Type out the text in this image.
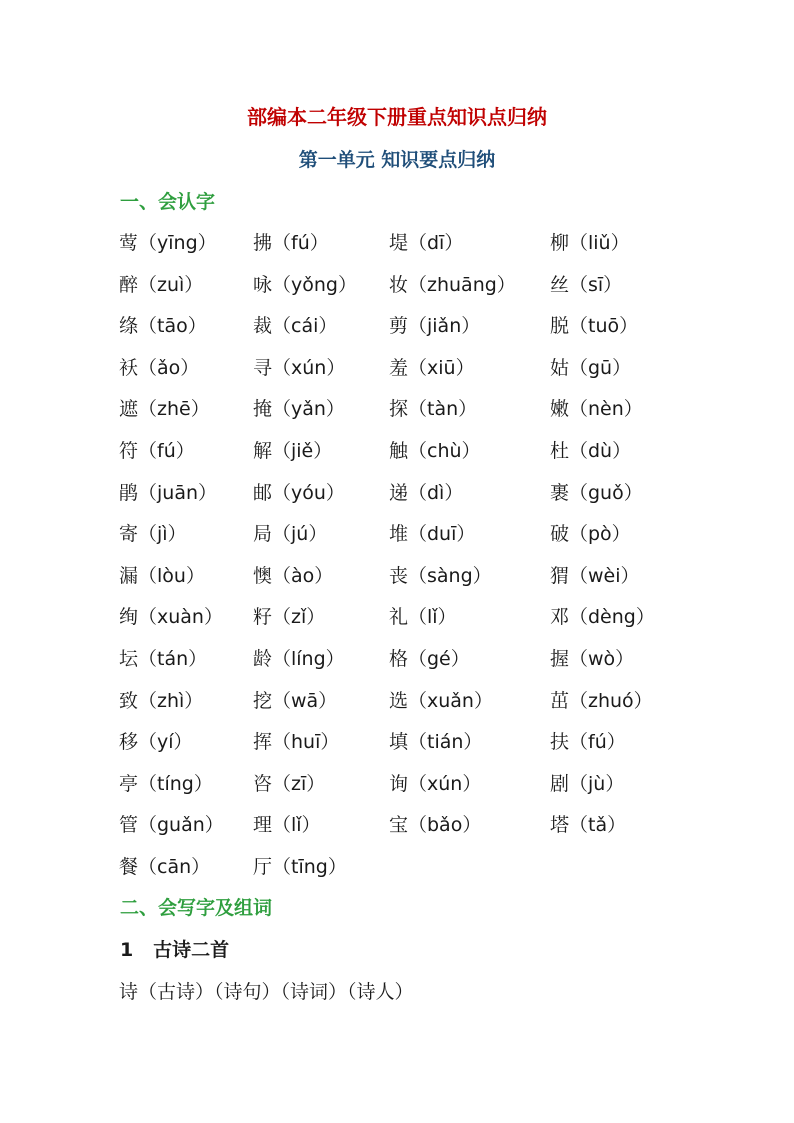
部编本二年级下册重点知识点归纳
第一单元 知识要点归纳
一、会认字
莺（yīng） 拂（fú）	堤（dī）	柳（liǔ）
醉（zuì）	咏（yǒng） 妆（zhuāng） 丝（sī）
绦（tāo） 裁（cái）	剪（jiǎn）	脱（tuō）
袄（ǎo）	寻（xún） 羞（xiū）	姑（gū）
遮（zhē） 掩（yǎn） 探（tàn）	嫩（nèn）
符（fú）	解（jiě）	触（chù）	杜（dù）
鹃（juān） 邮（yóu） 递（dì）	裹（guǒ）
寄（jì）	局（jú）	堆（duī）	破（pò）
漏（lòu）	懊（ào）	丧（sàng）	猬（wèi）
绚（xuàn） 籽（zǐ）	礼（lǐ）	邓（dèng）
坛（tán） 龄（líng） 格（gé）	握（wò）
致（zhì）	挖（wā）	选（xuǎn）	茁（zhuó）
移（yí）	挥（huī）	填（tián）	扶（fú）
亭（tíng） 咨（zī）	询（xún）	剧（jù）
管（guǎn） 理（lǐ）	宝（bǎo）	塔（tǎ）
餐（cān） 厅（tīng）
二、会写字及组词
1   古诗二首
诗（古诗）（诗句）（诗词）（诗人）
